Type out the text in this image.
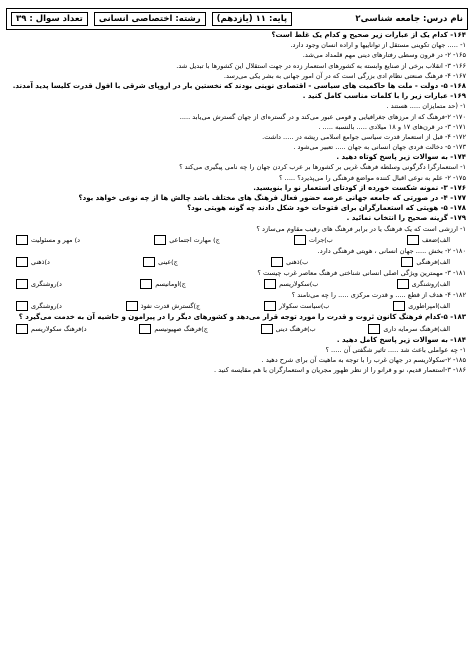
نام درس: جامعه شناسی۲
پایه: ۱۱ (یازدهم)
رشته: اختصاصی انسانی
تعداد سوال : ۳۹
۱۶۴- کدام یک از عبارات زیر صحیح و کدام یک غلط است؟
۱- ..... جهان تکوینی مستقل از تواناییها و اراده انسان وجود دارد.
۱۶۵- ۲- در قرون وسطی رفتارهای دینی مهم قلمداد می‌شد.
۱۶۶- ۳- انقلاب برخی از صنایع وابسته به کشورهای استعمار زده در جهت استقلال این کشورها با تبدیل شد.
۱۶۷- ۴- فرهنگ صنعتی نظام ادی بزرگی است که در آن امور جهانی به بشر یکی می‌رسد.
۱۶۸- ۵- دولت - ملت ها حاکمیت های سیاسی - اقتصادی نوینی بودند که نخستین بار در اروپای شرقی با افول قدرت کلیسا پدید آمدند.
۱۶۹- عبارات زیر را با کلمات مناسب کامل کنید .
۱- (حد متمایزان ..... هستند .
۱۷۰- ۲-فرهنگ که از مرزهای جغرافیایی و قومی عبور می‌کند و در گستره‌ای از جهان گسترش می‌یابد .....
۱۷۱- ۳- در قرن‌های ۱۷ و ۱۸ میلادی ..... بالنسبه ..... .
۱۷۲- ۴- قبل از استعمار قدرت سیاسی جوامع اسلامی ریشه در ..... داشت.
۱۷۳- ۵- دخالت فردی جهان انسانی به جهان ..... تعبیر می‌شود .
۱۷۴- به سوالات زیر پاسخ کوتاه دهید .
۱- استعمارگرا دگرگونی وسلطه فرهنگ غربی بر کشورها بر عرب کردن جهان را چه نامی پیگیری می‌کند ؟
۱۷۵- ۲- علم به نوعی اقبال کننده مواضع فرهنگی را می‌پذیرد؟ ..... ؟
۱۷۶- ۳- نمونه شکست خورده از کودتای استعمار نو را بنویسید.
۱۷۷- ۴- در صورتی که جامعه جهانی عرصه حضور فعال فرهنگ های مختلف باشد چالش ها از چه نوعی خواهد بود؟
۱۷۸- ۵- هویتی که استعمارگران برای فتوحات خود شکل دادند چه گونه هویتی بود؟
۱۷۹- گزینه صحیح را انتخاب نمائید .
۱- ارزشی است که یک فرهنگ یا در برابر فرهنگ های رقیب مقاوم می‌سازد ؟
الف)ضعف
ب)جرات
ج) مهارت اجتماعی
د) مهر و مسئولیت
۱۸۰- ۲- بخش ..... جهان انسانی ، هویتی فرهنگی دارد.
الف)فرهنگی
ب)ذهنی
ج)عینی
د)ذهنی
۱۸۱- ۳- مهمترین ویژگی اصلی انسانی شناختی فرهنگ معاصر غرب چیست ؟
الف)روشنگری
ب)سکولاریسم
ج)اومانیسم
د)روشنگری
۱۸۲- ۴- هدف از قطع ..... و قدرت مرکزی ..... را چه می‌نامند ؟
الف)امپراطوری
ب)سیاست سکولار
ج)گسترش قدرت نفوذ
د)روشنگری
۱۸۳- ۵-کدام فرهنگ کانون ثروت و قدرت را مورد توجه قرار می‌دهد و کشورهای دیگر را در پیرامون و حاشیه آن به خدمت می‌گیرد ؟
الف)فرهنگ سرمایه داری
ب)فرهنگ دینی
ج)فرهنگ صهیونیسم
د)فرهنگ سکولاریسم
۱۸۴- به سوالات زیر پاسخ کامل دهید .
۱- چه عواملی باعث شد ..... تاثیر شگفتی آن ..... ؟
۱۸۵- ۲-سکولاریسم در جهان غرب را با توجه به ماهیت آن برای شرح دهید .
۱۸۶- ۳-استعمار قدیم، نو و فرانو را از نظر ظهور مجریان و استعمارگران با هم مقایسه کنید .
